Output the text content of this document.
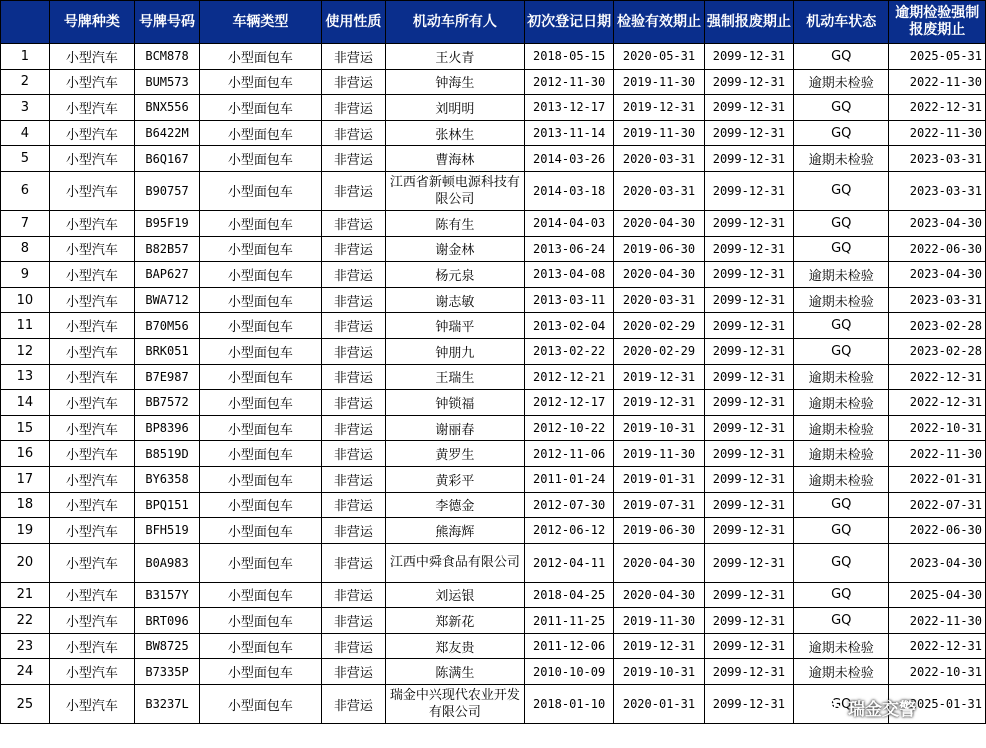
	号牌种类	号牌号码	车辆类型	使用性质	机动车所有人	初次登记日期	检验有效期止	强制报废期止	机动车状态	逾期检验强制报废期止
1	小型汽车	BCM878	小型面包车	非营运	王火青	2018-05-15	2020-05-31	2099-12-31	GQ	2025-05-31
2	小型汽车	BUM573	小型面包车	非营运	钟海生	2012-11-30	2019-11-30	2099-12-31	逾期未检验	2022-11-30
3	小型汽车	BNX556	小型面包车	非营运	刘明明	2013-12-17	2019-12-31	2099-12-31	GQ	2022-12-31
4	小型汽车	B6422M	小型面包车	非营运	张林生	2013-11-14	2019-11-30	2099-12-31	GQ	2022-11-30
5	小型汽车	B6Q167	小型面包车	非营运	曹海林	2014-03-26	2020-03-31	2099-12-31	逾期未检验	2023-03-31
6	小型汽车	B90757	小型面包车	非营运	江西省新顿电源科技有限公司	2014-03-18	2020-03-31	2099-12-31	GQ	2023-03-31
7	小型汽车	B95F19	小型面包车	非营运	陈有生	2014-04-03	2020-04-30	2099-12-31	GQ	2023-04-30
8	小型汽车	B82B57	小型面包车	非营运	谢金林	2013-06-24	2019-06-30	2099-12-31	GQ	2022-06-30
9	小型汽车	BAP627	小型面包车	非营运	杨元泉	2013-04-08	2020-04-30	2099-12-31	逾期未检验	2023-04-30
10	小型汽车	BWA712	小型面包车	非营运	谢志敏	2013-03-11	2020-03-31	2099-12-31	逾期未检验	2023-03-31
11	小型汽车	B70M56	小型面包车	非营运	钟瑞平	2013-02-04	2020-02-29	2099-12-31	GQ	2023-02-28
12	小型汽车	BRK051	小型面包车	非营运	钟朋九	2013-02-22	2020-02-29	2099-12-31	GQ	2023-02-28
13	小型汽车	B7E987	小型面包车	非营运	王瑞生	2012-12-21	2019-12-31	2099-12-31	逾期未检验	2022-12-31
14	小型汽车	BB7572	小型面包车	非营运	钟锁福	2012-12-17	2019-12-31	2099-12-31	逾期未检验	2022-12-31
15	小型汽车	BP8396	小型面包车	非营运	谢丽春	2012-10-22	2019-10-31	2099-12-31	逾期未检验	2022-10-31
16	小型汽车	B8519D	小型面包车	非营运	黄罗生	2012-11-06	2019-11-30	2099-12-31	逾期未检验	2022-11-30
17	小型汽车	BY6358	小型面包车	非营运	黄彩平	2011-01-24	2019-01-31	2099-12-31	逾期未检验	2022-01-31
18	小型汽车	BPQ151	小型面包车	非营运	李德金	2012-07-30	2019-07-31	2099-12-31	GQ	2022-07-31
19	小型汽车	BFH519	小型面包车	非营运	熊海辉	2012-06-12	2019-06-30	2099-12-31	GQ	2022-06-30
20	小型汽车	B0A983	小型面包车	非营运	江西中舜食品有限公司	2012-04-11	2020-04-30	2099-12-31	GQ	2023-04-30
21	小型汽车	B3157Y	小型面包车	非营运	刘运银	2018-04-25	2020-04-30	2099-12-31	GQ	2025-04-30
22	小型汽车	BRT096	小型面包车	非营运	郑新花	2011-11-25	2019-11-30	2099-12-31	GQ	2022-11-30
23	小型汽车	BW8725	小型面包车	非营运	郑友贵	2011-12-06	2019-12-31	2099-12-31	逾期未检验	2022-12-31
24	小型汽车	B7335P	小型面包车	非营运	陈满生	2010-10-09	2019-10-31	2099-12-31	逾期未检验	2022-10-31
25	小型汽车	B3237L	小型面包车	非营运	瑞金中兴现代农业开发有限公司	2018-01-10	2020-01-31	2099-12-31	GQ	2025-01-31
瑞金交警
